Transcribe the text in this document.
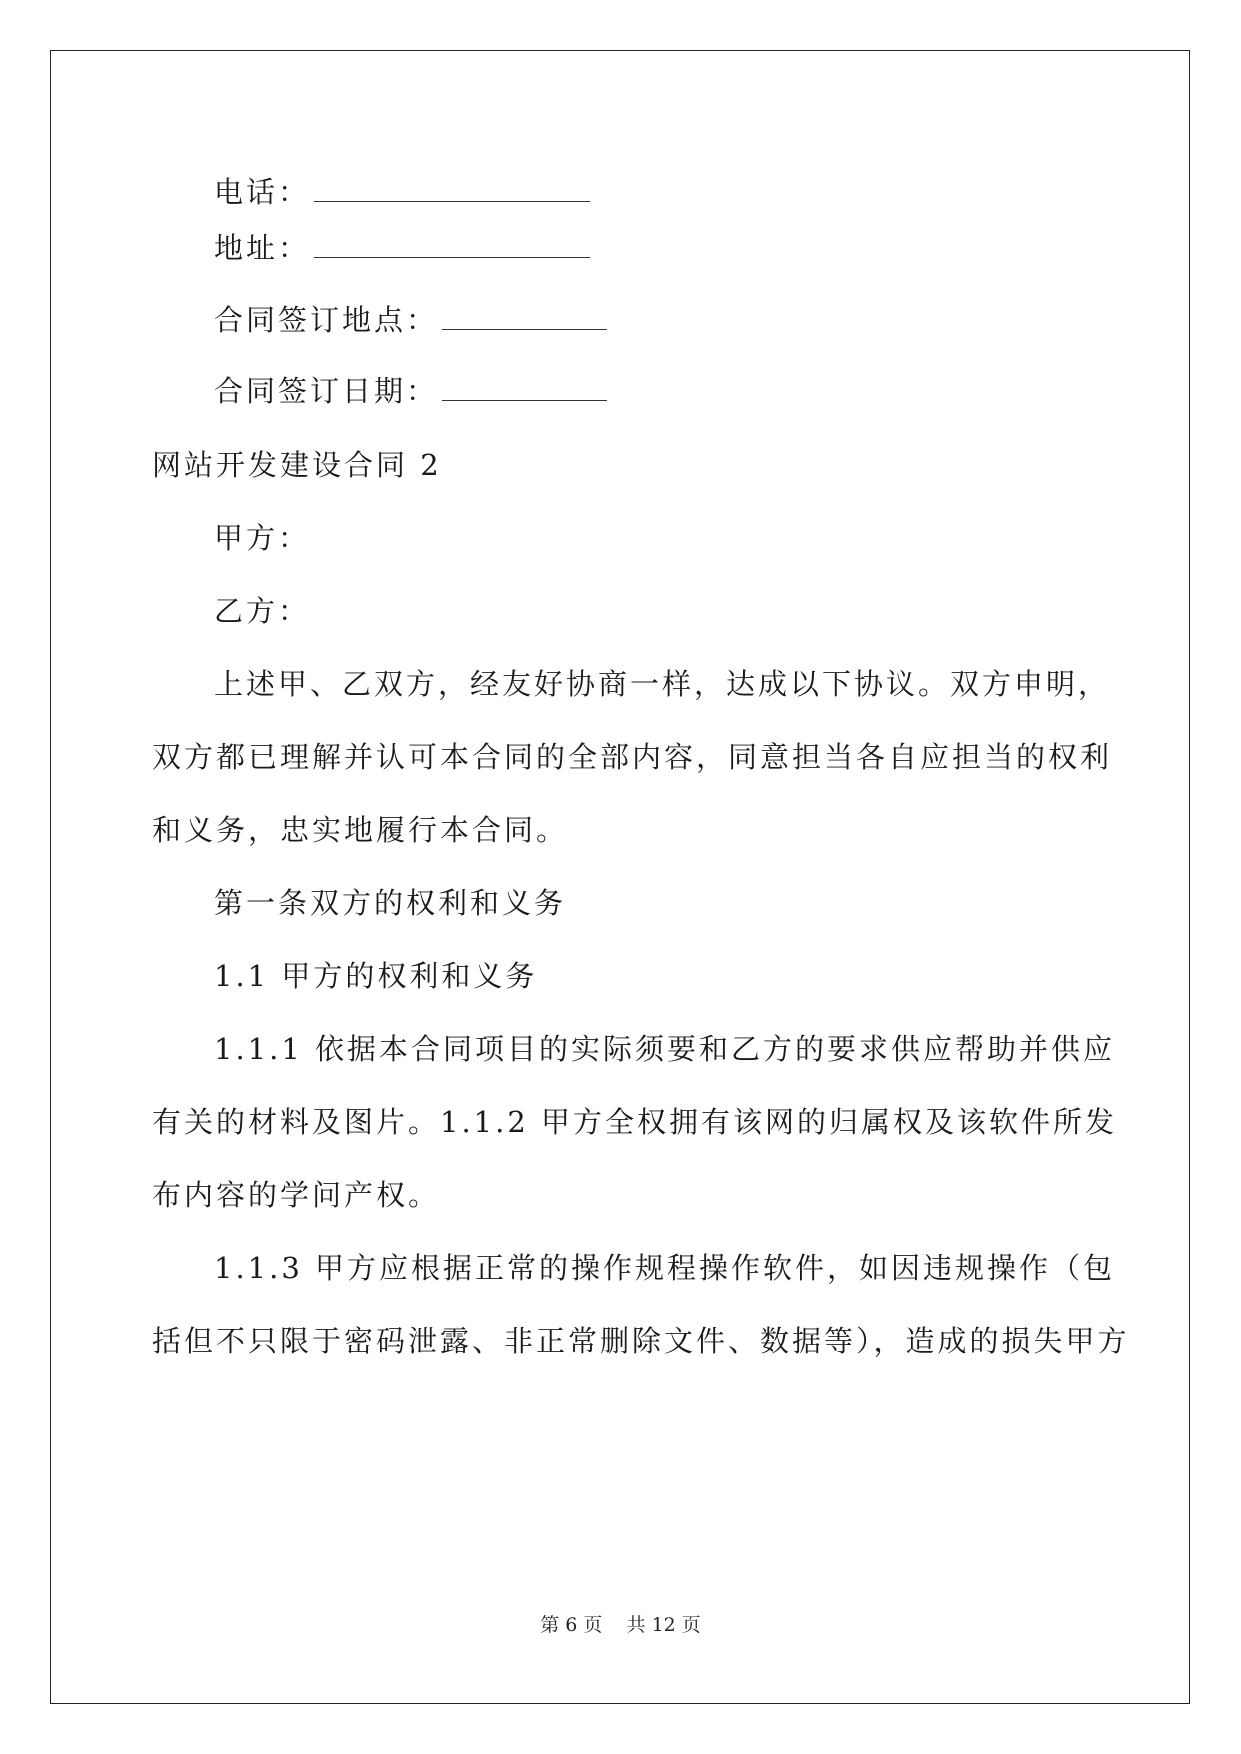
电话：
地址：
合同签订地点：
合同签订日期：
网站开发建设合同 2
甲方：
乙方：
上述甲、乙双方，经友好协商一样，达成以下协议。双方申明，
双方都已理解并认可本合同的全部内容，同意担当各自应担当的权利
和义务，忠实地履行本合同。
第一条双方的权利和义务
1.1 甲方的权利和义务
1.1.1 依据本合同项目的实际须要和乙方的要求供应帮助并供应
有关的材料及图片。1.1.2 甲方全权拥有该网的归属权及该软件所发
布内容的学问产权。
1.1.3 甲方应根据正常的操作规程操作软件，如因违规操作（包
括但不只限于密码泄露、非正常删除文件、数据等），造成的损失甲方
第 6 页    共 12 页
